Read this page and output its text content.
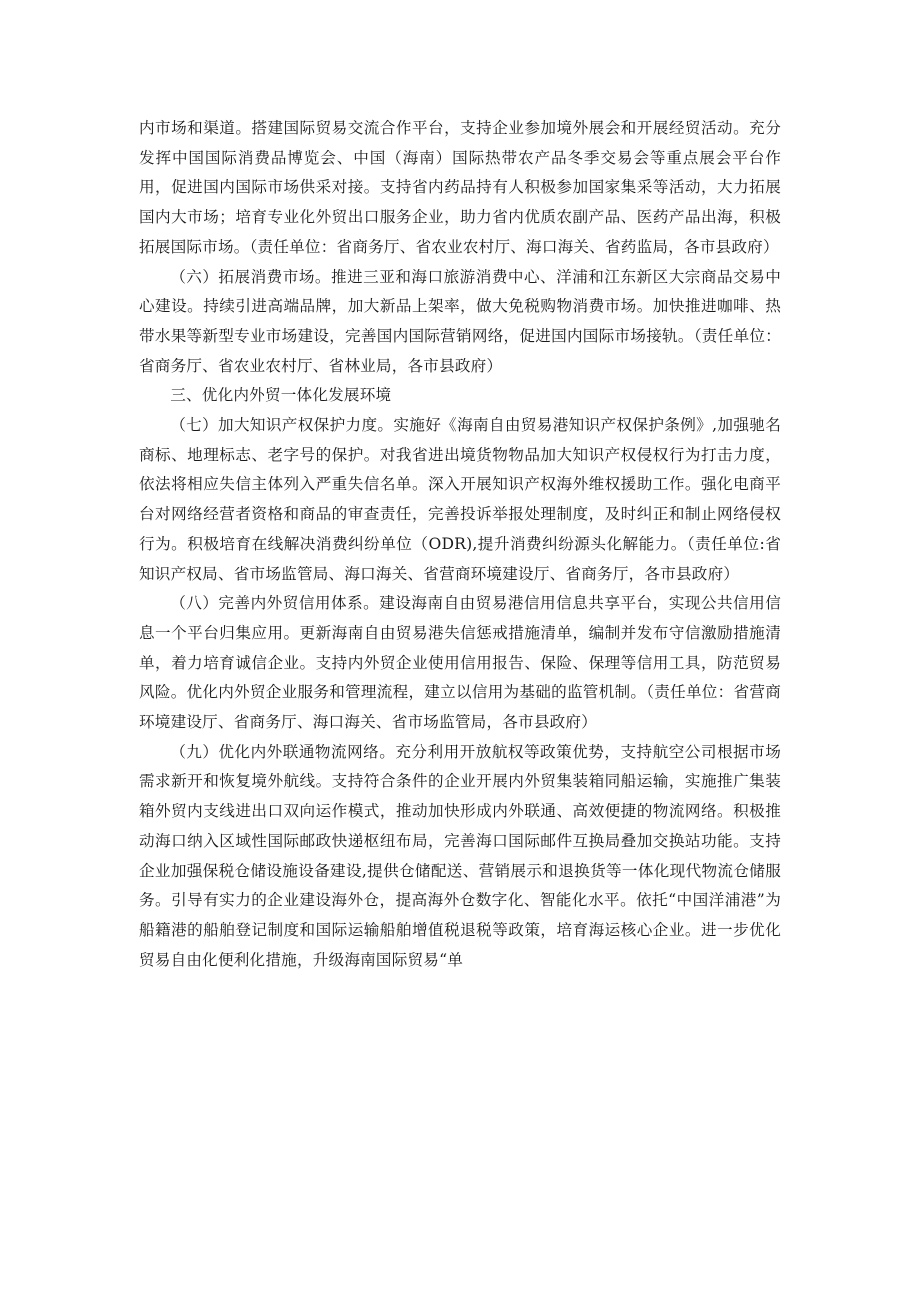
内市场和渠道。搭建国际贸易交流合作平台，支持企业参加境外展会和开展经贸活动。充分发挥中国国际消费品博览会、中国（海南）国际热带农产品冬季交易会等重点展会平台作用，促进国内国际市场供采对接。支持省内药品持有人积极参加国家集采等活动，大力拓展国内大市场；培育专业化外贸出口服务企业，助力省内优质农副产品、医药产品出海，积极拓展国际市场。（责任单位：省商务厅、省农业农村厅、海口海关、省药监局，各市县政府）

（六）拓展消费市场。推进三亚和海口旅游消费中心、洋浦和江东新区大宗商品交易中心建设。持续引进高端品牌，加大新品上架率，做大免税购物消费市场。加快推进咖啡、热带水果等新型专业市场建设，完善国内国际营销网络，促进国内国际市场接轨。（责任单位：省商务厅、省农业农村厅、省林业局，各市县政府）

三、优化内外贸一体化发展环境

（七）加大知识产权保护力度。实施好《海南自由贸易港知识产权保护条例》,加强驰名商标、地理标志、老字号的保护。对我省进出境货物物品加大知识产权侵权行为打击力度，依法将相应失信主体列入严重失信名单。深入开展知识产权海外维权援助工作。强化电商平台对网络经营者资格和商品的审查责任，完善投诉举报处理制度，及时纠正和制止网络侵权行为。积极培育在线解决消费纠纷单位（ODR),提升消费纠纷源头化解能力。（责任单位:省知识产权局、省市场监管局、海口海关、省营商环境建设厅、省商务厅，各市县政府）

（八）完善内外贸信用体系。建设海南自由贸易港信用信息共享平台，实现公共信用信息一个平台归集应用。更新海南自由贸易港失信惩戒措施清单，编制并发布守信激励措施清单，着力培育诚信企业。支持内外贸企业使用信用报告、保险、保理等信用工具，防范贸易风险。优化内外贸企业服务和管理流程，建立以信用为基础的监管机制。（责任单位：省营商环境建设厅、省商务厅、海口海关、省市场监管局，各市县政府）

（九）优化内外联通物流网络。充分利用开放航权等政策优势，支持航空公司根据市场需求新开和恢复境外航线。支持符合条件的企业开展内外贸集装箱同船运输，实施推广集装箱外贸内支线进出口双向运作模式，推动加快形成内外联通、高效便捷的物流网络。积极推动海口纳入区域性国际邮政快递枢纽布局，完善海口国际邮件互换局叠加交换站功能。支持企业加强保税仓储设施设备建设,提供仓储配送、营销展示和退换货等一体化现代物流仓储服务。引导有实力的企业建设海外仓，提高海外仓数字化、智能化水平。依托“中国洋浦港”为船籍港的船舶登记制度和国际运输船舶增值税退税等政策，培育海运核心企业。进一步优化贸易自由化便利化措施，升级海南国际贸易“单
